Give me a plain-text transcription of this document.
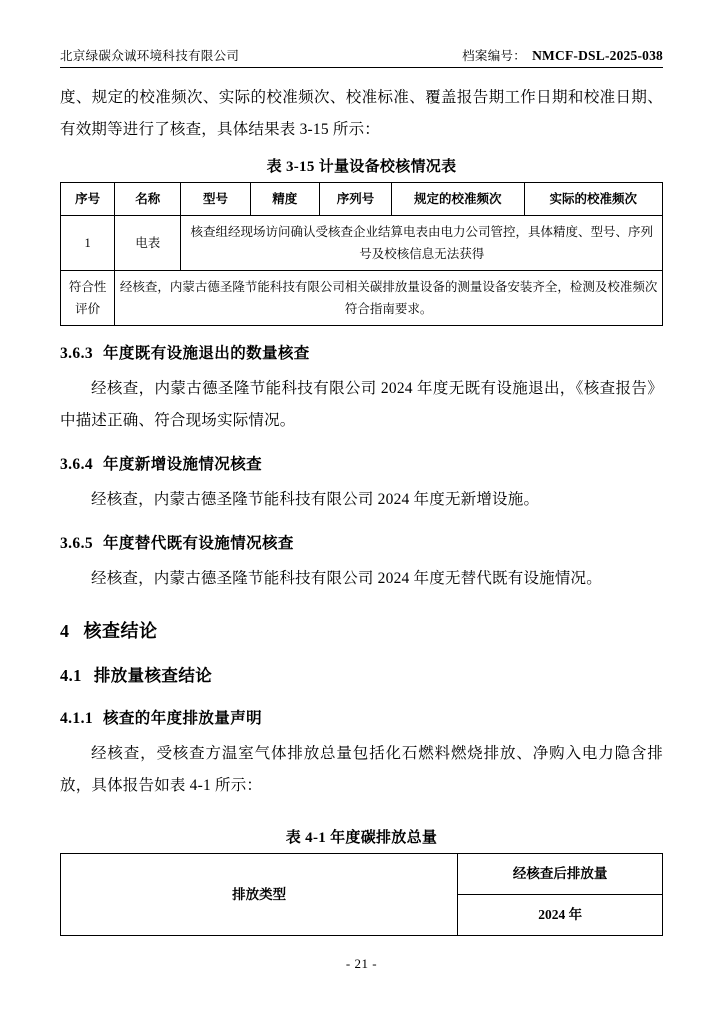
北京绿碳众诚环境科技有限公司	档案编号： NMCF-DSL-2025-038

度、规定的校准频次、实际的校准频次、校准标准、覆盖报告期工作日期和校准日期、有效期等进行了核查，具体结果表 3-15 所示：

表 3-15 计量设备校核情况表
序号	名称	型号	精度	序列号	规定的校准频次	实际的校准频次
1	电表	核查组经现场访问确认受核查企业结算电表由电力公司管控，具体精度、型号、序列号及校核信息无法获得				
符合性评价	经核查，内蒙古德圣隆节能科技有限公司相关碳排放量设备的测量设备安装齐全，检测及校准频次符合指南要求。					
3.6.3 年度既有设施退出的数量核查

经核查，内蒙古德圣隆节能科技有限公司 2024 年度无既有设施退出，《核查报告》中描述正确、符合现场实际情况。

3.6.4 年度新增设施情况核查

经核查，内蒙古德圣隆节能科技有限公司 2024 年度无新增设施。

3.6.5 年度替代既有设施情况核查

经核查，内蒙古德圣隆节能科技有限公司 2024 年度无替代既有设施情况。

4 核查结论
4.1 排放量核查结论
4.1.1 核查的年度排放量声明

经核查，受核查方温室气体排放总量包括化石燃料燃烧排放、净购入电力隐含排放，具体报告如表 4-1 所示：

表 4-1 年度碳排放总量
排放类型	经核查后排放量
2024 年
- 21 -
